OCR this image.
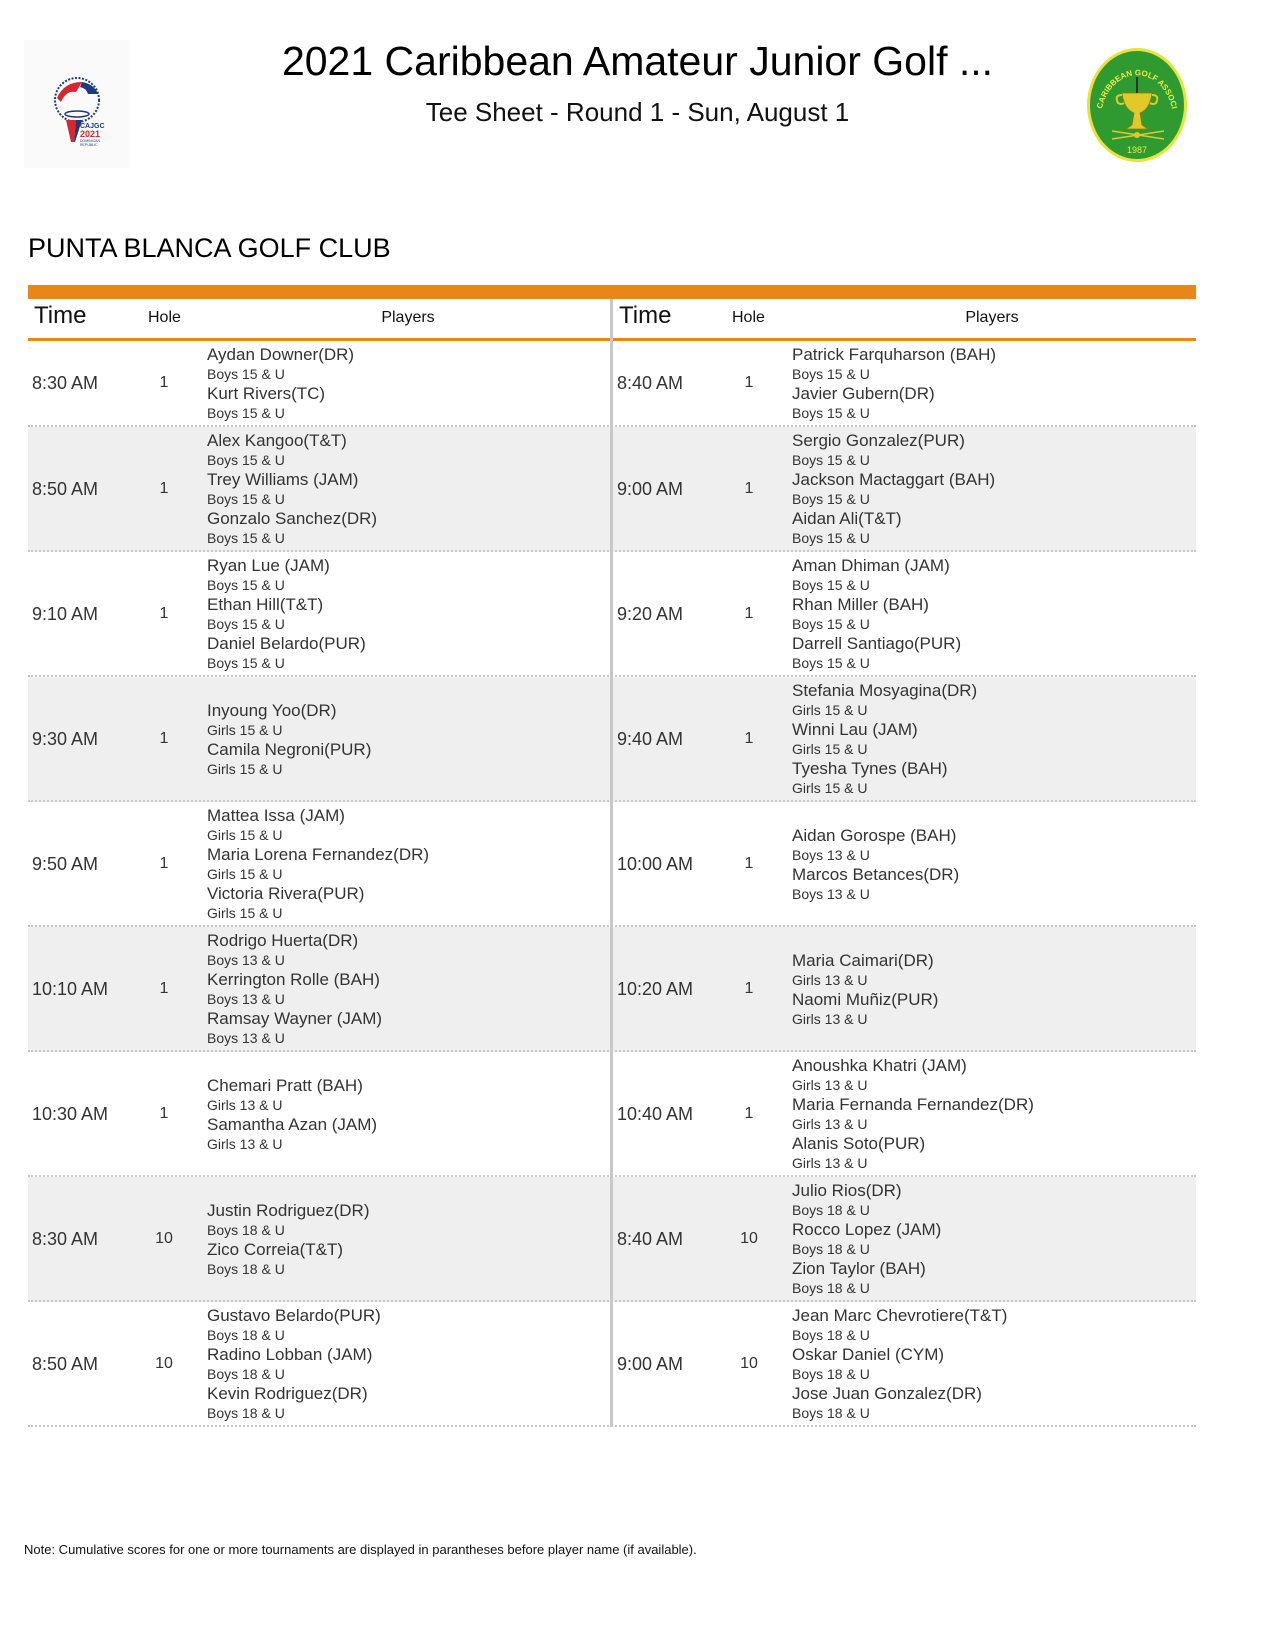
CAJGC
2021
DOMINICAN
REPUBLIC
2021 Caribbean Amateur Junior Golf ...
Tee Sheet - Round 1 - Sun, August 1	CARIBBEAN GOLF ASSOCI
1987
PUNTA BLANCA GOLF CLUB
Time	Hole	Players	Time	Hole	Players
8:30 AM	1
Aydan Downer(DR)
Boys 15 & U
Kurt Rivers(TC)
Boys 15 & U
8:40 AM	1
Patrick Farquharson (BAH)
Boys 15 & U
Javier Gubern(DR)
Boys 15 & U
8:50 AM	1
Alex Kangoo(T&T)
Boys 15 & U
Trey Williams (JAM)
Boys 15 & U
Gonzalo Sanchez(DR)
Boys 15 & U
9:00 AM	1
Sergio Gonzalez(PUR)
Boys 15 & U
Jackson Mactaggart (BAH)
Boys 15 & U
Aidan Ali(T&T)
Boys 15 & U
9:10 AM	1
Ryan Lue (JAM)
Boys 15 & U
Ethan Hill(T&T)
Boys 15 & U
Daniel Belardo(PUR)
Boys 15 & U
9:20 AM	1
Aman Dhiman (JAM)
Boys 15 & U
Rhan Miller (BAH)
Boys 15 & U
Darrell Santiago(PUR)
Boys 15 & U
9:30 AM	1
Inyoung Yoo(DR)
Girls 15 & U
Camila Negroni(PUR)
Girls 15 & U
9:40 AM	1
Stefania Mosyagina(DR)
Girls 15 & U
Winni Lau (JAM)
Girls 15 & U
Tyesha Tynes (BAH)
Girls 15 & U
9:50 AM	1
Mattea Issa (JAM)
Girls 15 & U
Maria Lorena Fernandez(DR)
Girls 15 & U
Victoria Rivera(PUR)
Girls 15 & U
10:00 AM	1
Aidan Gorospe (BAH)
Boys 13 & U
Marcos Betances(DR)
Boys 13 & U
10:10 AM	1
Rodrigo Huerta(DR)
Boys 13 & U
Kerrington Rolle (BAH)
Boys 13 & U
Ramsay Wayner (JAM)
Boys 13 & U
10:20 AM	1
Maria Caimari(DR)
Girls 13 & U
Naomi Muñiz(PUR)
Girls 13 & U
10:30 AM	1
Chemari Pratt (BAH)
Girls 13 & U
Samantha Azan (JAM)
Girls 13 & U
10:40 AM	1
Anoushka Khatri (JAM)
Girls 13 & U
Maria Fernanda Fernandez(DR)
Girls 13 & U
Alanis Soto(PUR)
Girls 13 & U
8:30 AM	10
Justin Rodriguez(DR)
Boys 18 & U
Zico Correia(T&T)
Boys 18 & U
8:40 AM	10
Julio Rios(DR)
Boys 18 & U
Rocco Lopez (JAM)
Boys 18 & U
Zion Taylor (BAH)
Boys 18 & U
8:50 AM	10
Gustavo Belardo(PUR)
Boys 18 & U
Radino Lobban (JAM)
Boys 18 & U
Kevin Rodriguez(DR)
Boys 18 & U
9:00 AM	10
Jean Marc Chevrotiere(T&T)
Boys 18 & U
Oskar Daniel (CYM)
Boys 18 & U
Jose Juan Gonzalez(DR)
Boys 18 & U
Note: Cumulative scores for one or more tournaments are displayed in parantheses before player name (if available).
